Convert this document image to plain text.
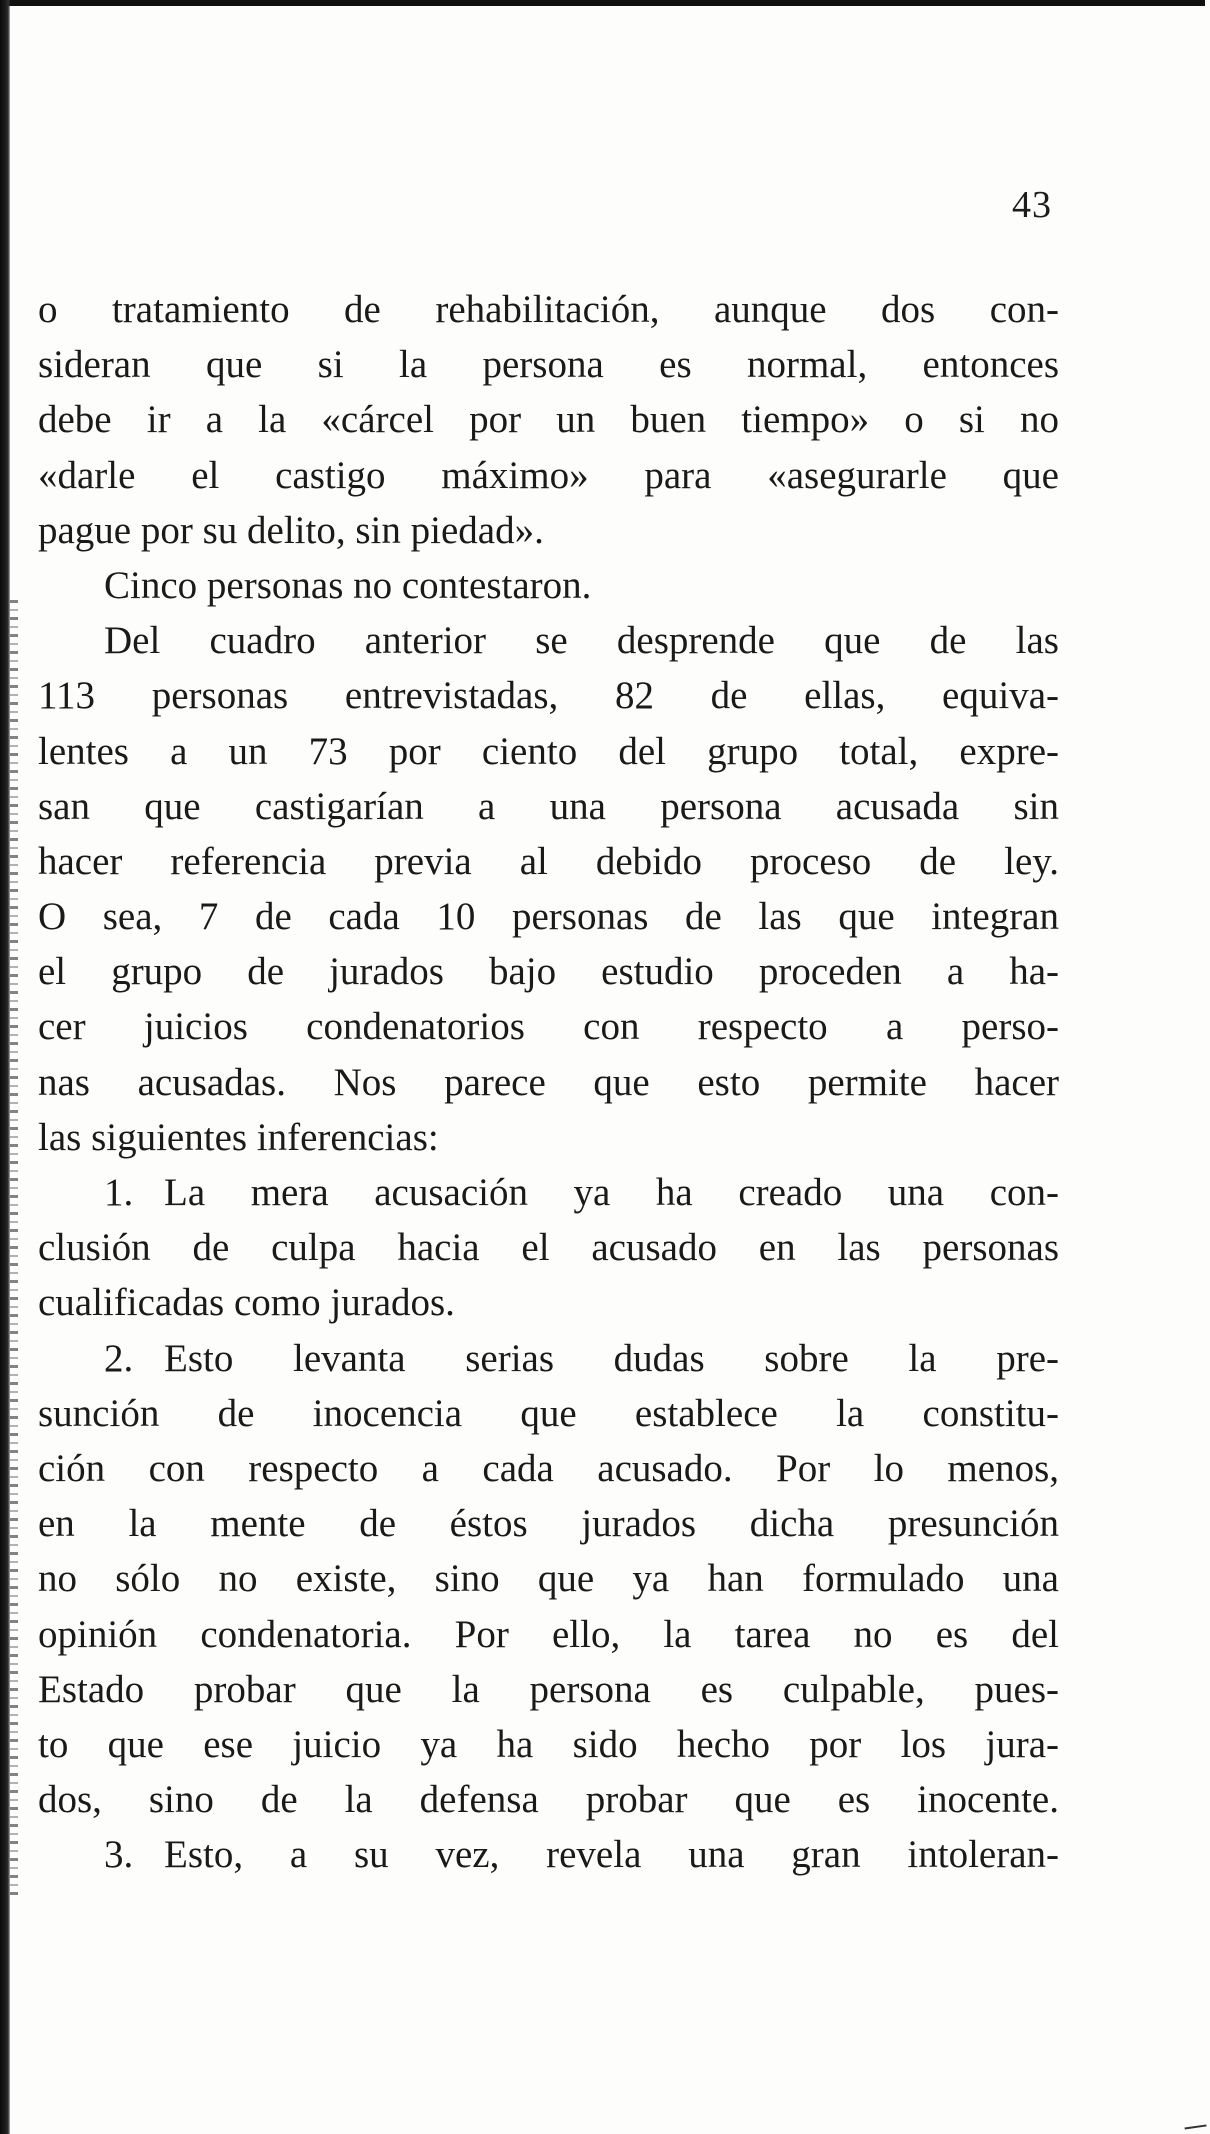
43
o tratamiento de rehabilitación, aunque dos con-
sideran que si la persona es normal, entonces
debe ir a la «cárcel por un buen tiempo» o si no
«darle el castigo máximo» para «asegurarle que
pague por su delito, sin piedad».
Cinco personas no contestaron.
Del cuadro anterior se desprende que de las
113 personas entrevistadas, 82 de ellas, equiva-
lentes a un 73 por ciento del grupo total, expre-
san que castigarían a una persona acusada sin
hacer referencia previa al debido proceso de ley.
O sea, 7 de cada 10 personas de las que integran
el grupo de jurados bajo estudio proceden a ha-
cer juicios condenatorios con respecto a perso-
nas acusadas. Nos parece que esto permite hacer
las siguientes inferencias:
1. La mera acusación ya ha creado una con-
clusión de culpa hacia el acusado en las personas
cualificadas como jurados.
2. Esto levanta serias dudas sobre la pre-
sunción de inocencia que establece la constitu-
ción con respecto a cada acusado. Por lo menos,
en la mente de éstos jurados dicha presunción
no sólo no existe, sino que ya han formulado una
opinión condenatoria. Por ello, la tarea no es del
Estado probar que la persona es culpable, pues-
to que ese juicio ya ha sido hecho por los jura-
dos, sino de la defensa probar que es inocente.
3. Esto, a su vez, revela una gran intoleran-
